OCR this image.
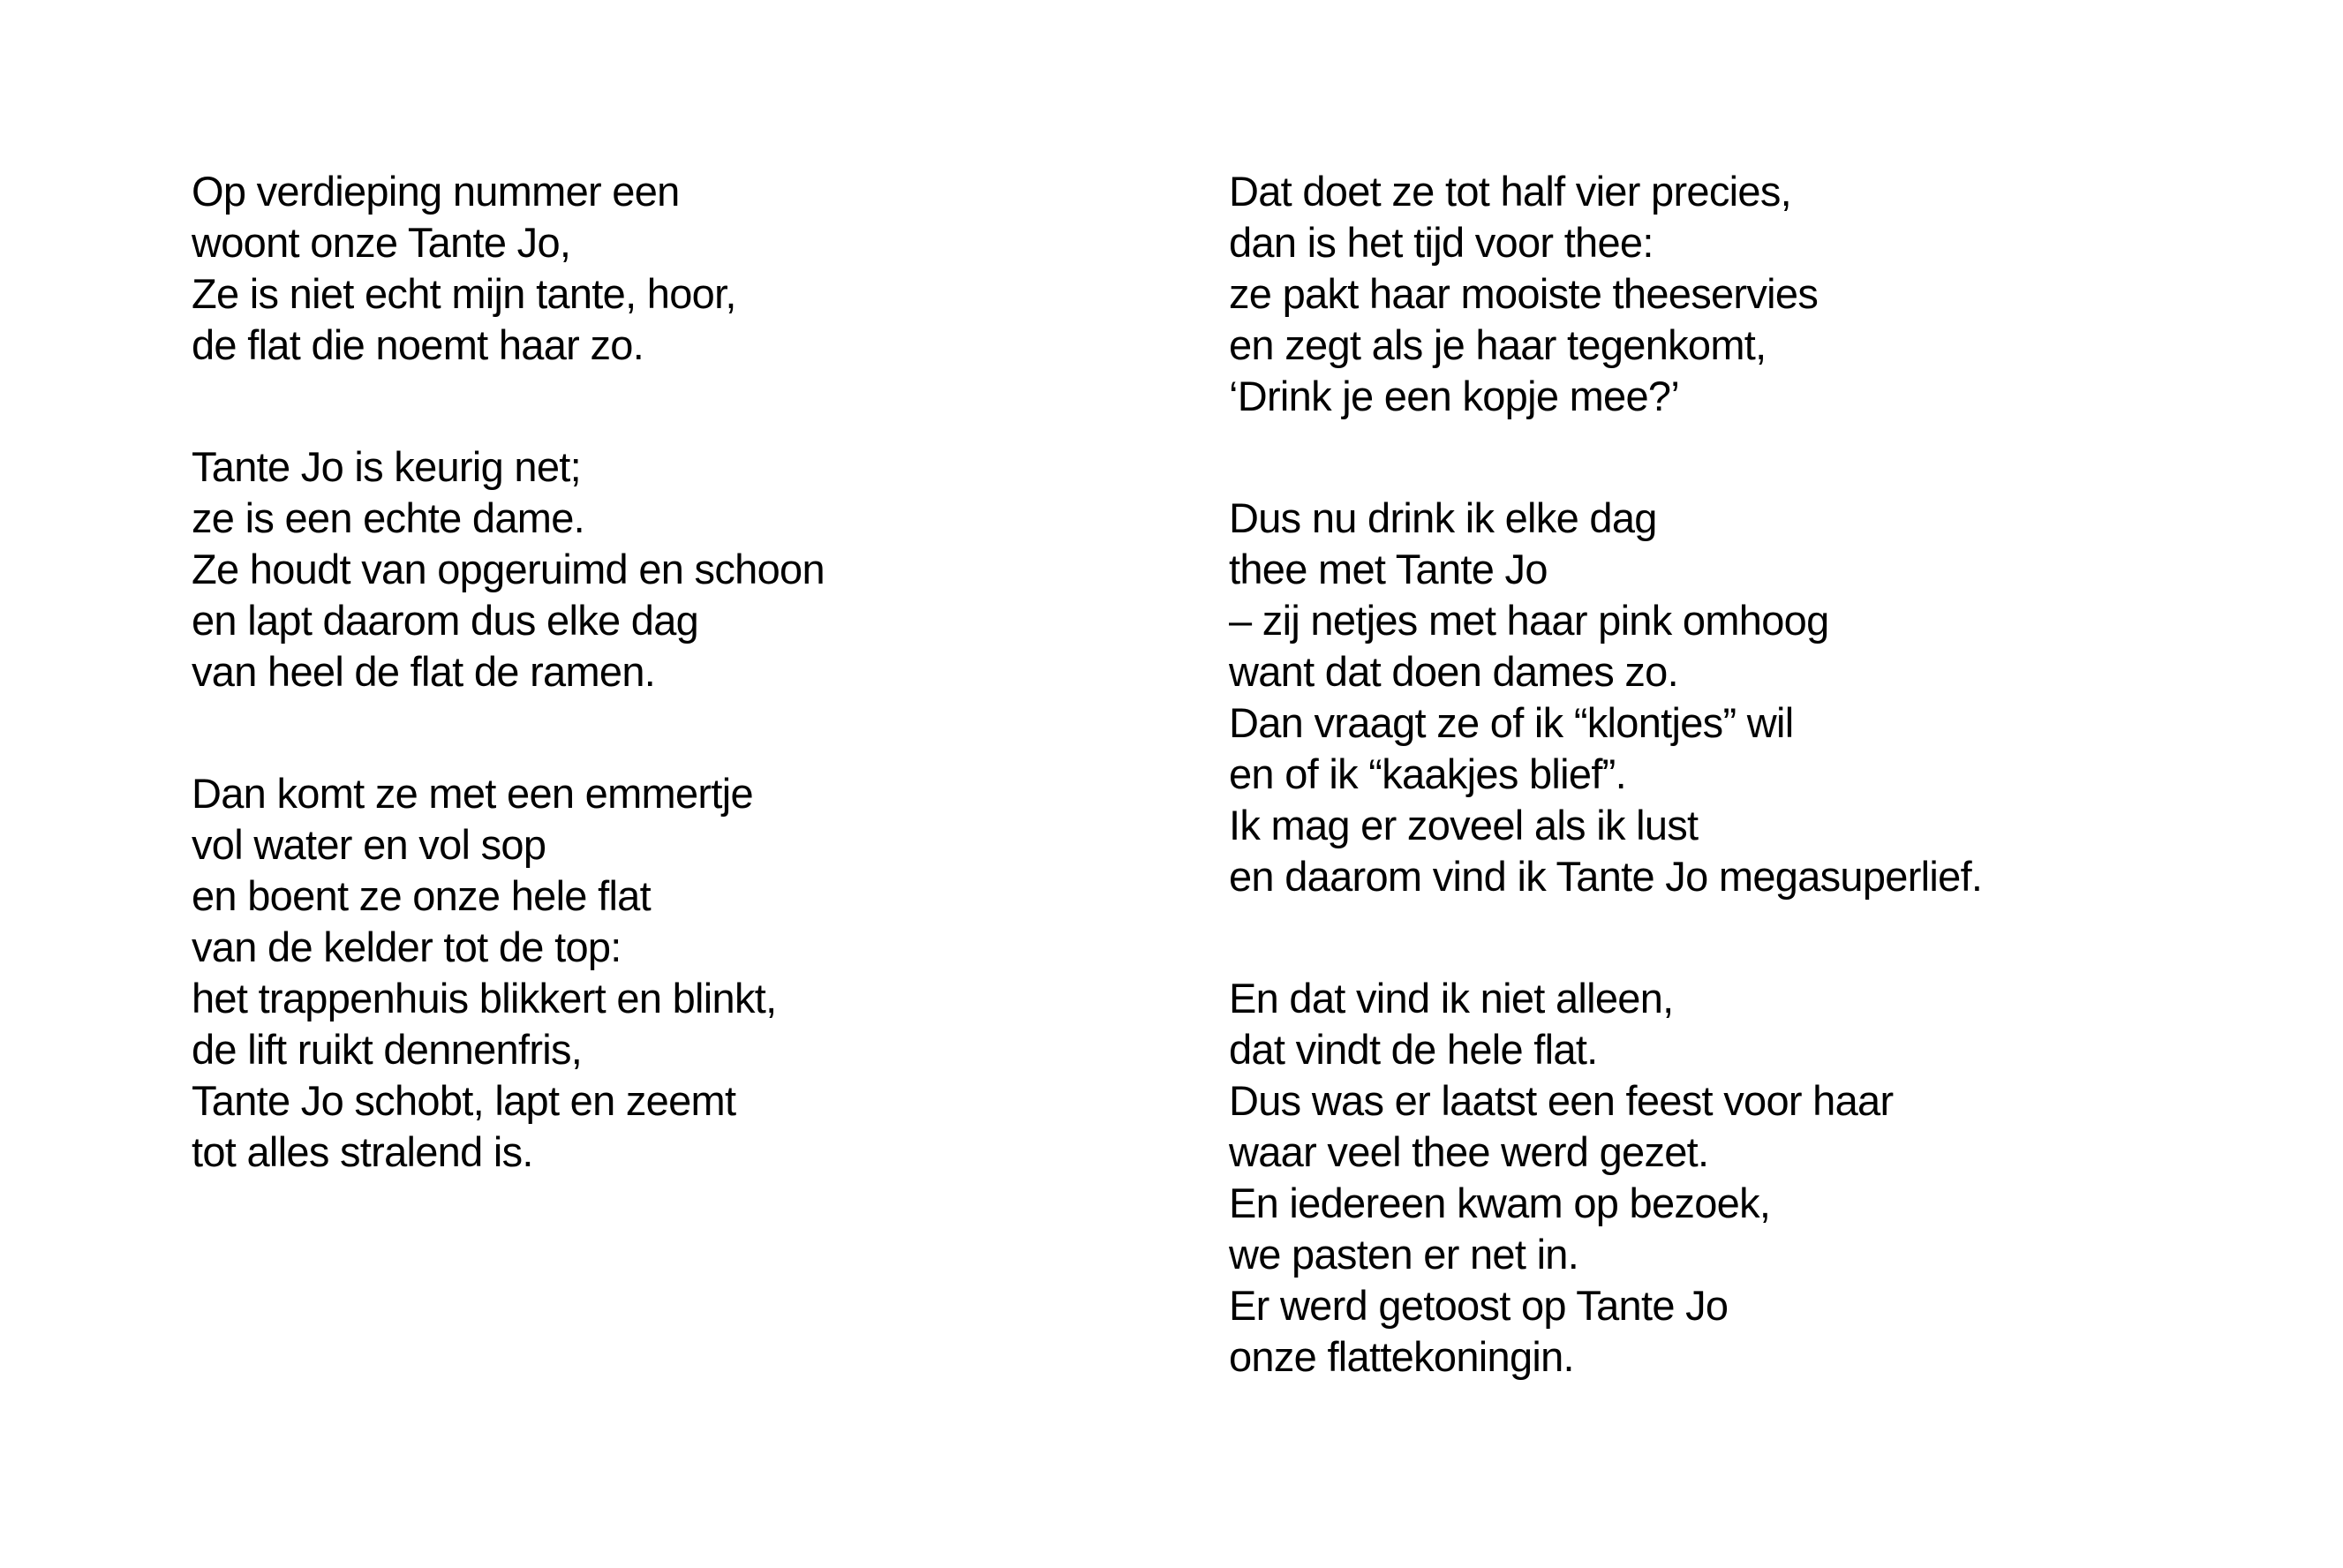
Op verdieping nummer een
woont onze Tante Jo,
Ze is niet echt mijn tante, hoor,
de flat die noemt haar zo.
Tante Jo is keurig net;
ze is een echte dame.
Ze houdt van opgeruimd en schoon
en lapt daarom dus elke dag
van heel de flat de ramen.
Dan komt ze met een emmertje
vol water en vol sop
en boent ze onze hele flat
van de kelder tot de top:
het trappenhuis blikkert en blinkt,
de lift ruikt dennenfris,
Tante Jo schobt, lapt en zeemt
tot alles stralend is.
Dat doet ze tot half vier precies,
dan is het tijd voor thee:
ze pakt haar mooiste theeservies
en zegt als je haar tegenkomt,
‘Drink je een kopje mee?’
Dus nu drink ik elke dag
thee met Tante Jo
– zij netjes met haar pink omhoog
want dat doen dames zo.
Dan vraagt ze of ik “klontjes” wil
en of ik “kaakjes blief”.
Ik mag er zoveel als ik lust
en daarom vind ik Tante Jo megasuperlief.
En dat vind ik niet alleen,
dat vindt de hele flat.
Dus was er laatst een feest voor haar
waar veel thee werd gezet.
En iedereen kwam op bezoek,
we pasten er net in.
Er werd getoost op Tante Jo
onze flattekoningin.
